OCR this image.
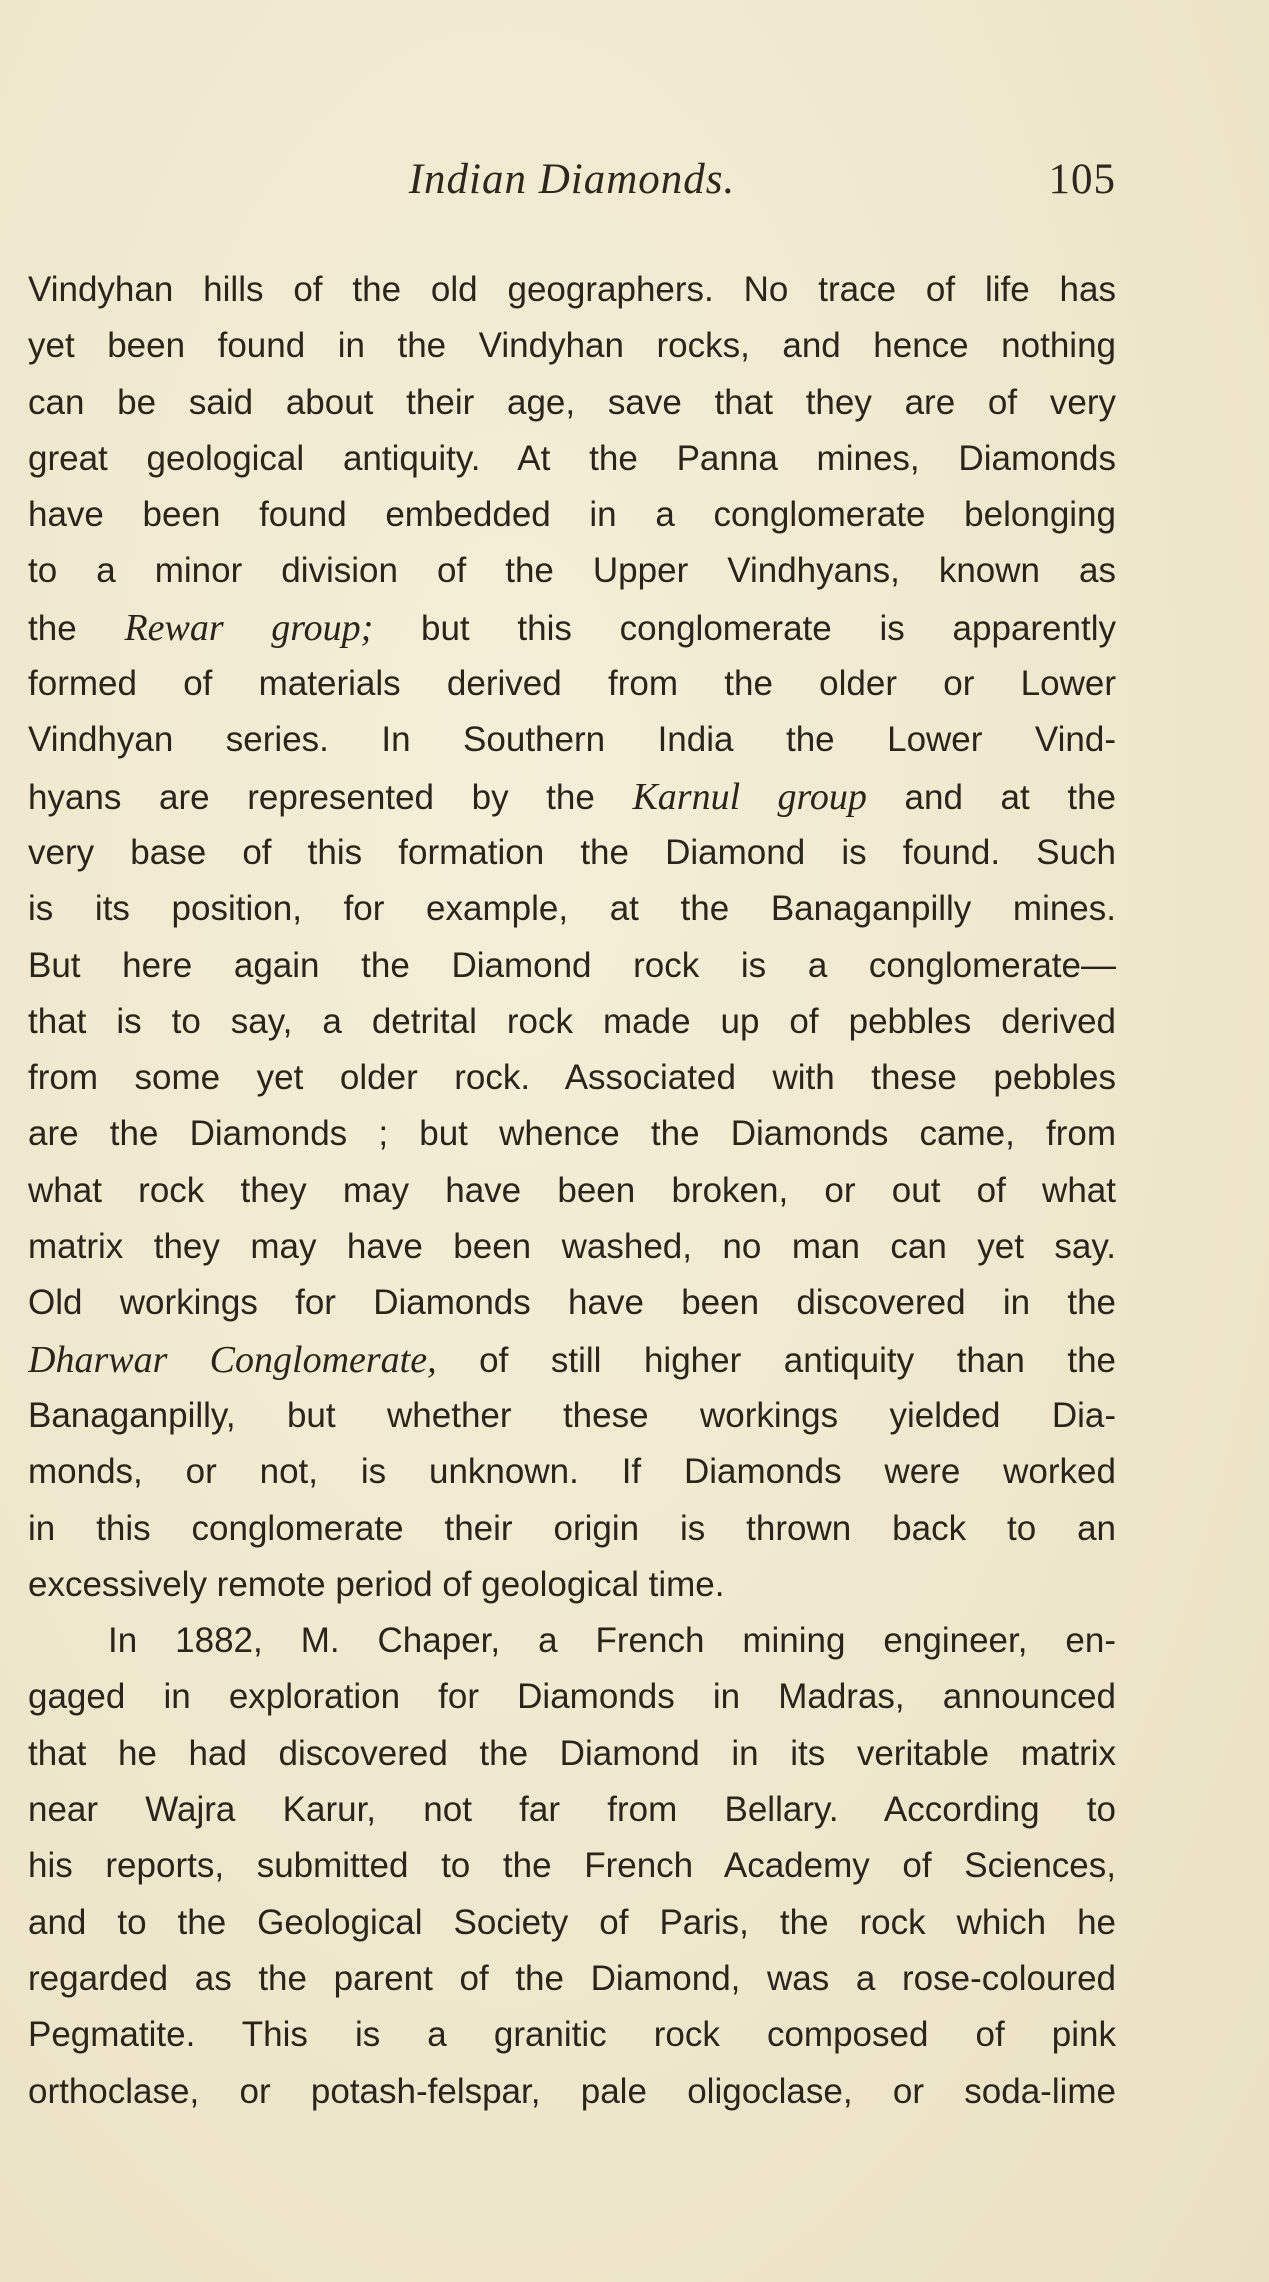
Indian Diamonds.	105
Vindyhan hills of the old geographers. No trace of life has
yet been found in the Vindyhan rocks, and hence nothing
can be said about their age, save that they are of very
great geological antiquity. At the Panna mines, Diamonds
have been found embedded in a conglomerate belonging
to a minor division of the Upper Vindhyans, known as
the Rewar group; but this conglomerate is apparently
formed of materials derived from the older or Lower
Vindhyan series. In Southern India the Lower Vind-
hyans are represented by the Karnul group and at the
very base of this formation the Diamond is found. Such
is its position, for example, at the Banaganpilly mines.
But here again the Diamond rock is a conglomerate—
that is to say, a detrital rock made up of pebbles derived
from some yet older rock. Associated with these pebbles
are the Diamonds ; but whence the Diamonds came, from
what rock they may have been broken, or out of what
matrix they may have been washed, no man can yet say.
Old workings for Diamonds have been discovered in the
Dharwar Conglomerate, of still higher antiquity than the
Banaganpilly, but whether these workings yielded Dia-
monds, or not, is unknown. If Diamonds were worked
in this conglomerate their origin is thrown back to an
excessively remote period of geological time.
In 1882, M. Chaper, a French mining engineer, en-
gaged in exploration for Diamonds in Madras, announced
that he had discovered the Diamond in its veritable matrix
near Wajra Karur, not far from Bellary. According to
his reports, submitted to the French Academy of Sciences,
and to the Geological Society of Paris, the rock which he
regarded as the parent of the Diamond, was a rose-coloured
Pegmatite. This is a granitic rock composed of pink
orthoclase, or potash-felspar, pale oligoclase, or soda-lime
